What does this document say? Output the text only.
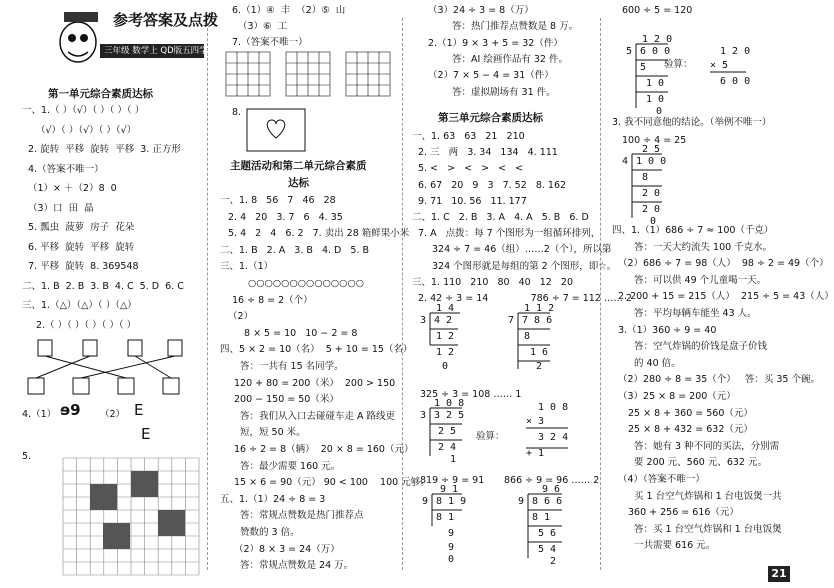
参考答案及点拨
三年级 数学上 QD版五四学制
第一单元综合素质达标
一、1.（ ）（√）（ ）（ ）（ ）
（√）（ ）（√）（ ）（√）
2. 旋转  平移  旋转  平移  3. 正方形
4.（答案不唯一）
（1）× ＋（2）8  0
（3）口  田  晶
5. 瓢虫  菠萝  房子  花朵
6. 平移  旋转  平移  旋转
7. 平移  旋转  8. 369548
二、1. B  2. B  3. B  4. C  5. D  6. C
三、1.（△）（△）（ ）（△）
2.（ ）（ ）（ ）（ ）（ ）
4.（1） ɘ9 （2） E
E
5.
6.（1）④  丰  （2）⑤  山
（3）⑥  工
7.（答案不唯一）
8.
主题活动和第二单元综合素质
达标
一、1. 8   56   7   46   28
2. 4   20   3. 7   6   4. 35
5. 4   2   4   6. 2   7. 卖出 28 箱鲜果小米
二、1. B   2. A   3. B   4. D   5. B
三、1.（1）
○○○○○○○○○○○○○○
16 ÷ 8 = 2（个）
（2）
8 × 5 = 10   10 − 2 = 8
四、5 × 2 = 10（名）  5 + 10 = 15（名）
答：一共有 15 名同学。
120 + 80 = 200（米）  200 > 150
200 − 150 = 50（米）
答：我们从入口去碰碰车走 A 路线更
短，短 50 米。
16 ÷ 2 = 8（辆）  20 × 8 = 160（元）
答：最少需要 160 元。
15 × 6 = 90（元） 90 < 100    100 元够。
五、1.（1）24 ÷ 8 = 3
答：常规点赞数是热门推荐点
赞数的 3 倍。
（2）8 × 3 = 24（万）
答：常规点赞数是 24 万。
（3）24 ÷ 3 = 8（万）
答：热门推荐点赞数是 8 万。
2.（1）9 × 3 + 5 = 32（件）
答：AI 绘画作品有 32 件。
（2）7 × 5 − 4 = 31（件）
答：虚拟剧场有 31 件。
第三单元综合素质达标
一、1. 63   63   21   210
2. 三   两   3. 34   134   4. 111
5. <   >   <   >   <   <
6. 67   20   9   3   7. 52   8. 162
9. 71   10. 56   11. 177
二、1. C   2. B   3. A   4. A   5. B   6. D
7. A   点拨：每 7 个图形为一组循环排列，
324 ÷ 7 = 46（组）……2（个），所以第
324 个图形就是每组的第 2 个图形，即☆。
三、1. 110   210   80   40   12   20
2. 42 ÷ 3 = 14              786 ÷ 7 = 112 …… 2
1 4
3 4 2
1 2
1 2
0
1 1 2
7 7 8 6
8
1 6
2
325 ÷ 3 = 108 …… 1
1 0 8
3 3 2 5
2 5
2 4
1
1 0 8
× 3
3 2 4
+ 1
验算：
819 ÷ 9 = 91 866 ÷ 9 = 96 …… 2
9 1
9 8 1 9
8 1
9
9
0
9 6
9 8 6 6
8 1
5 6
5 4
2
600 ÷ 5 = 120
1 2 0
5 6 0 0
5
1 0
1 0
0
1 2 0
× 5
6 0 0
验算：
3. 我不同意他的结论。（举例不唯一）
100 ÷ 4 = 25
2 5
4 1 0 0
8
2 0
2 0
0
四、1.（1）686 ÷ 7 ≈ 100（千克）
答：一天大约流失 100 千克水。
（2）686 ÷ 7 = 98（人）  98 ÷ 2 = 49（个）
答：可以供 49 个儿童喝一天。
2. 200 + 15 = 215（人）  215 ÷ 5 = 43（人）
答：平均每辆车能坐 43 人。
3.（1）360 ÷ 9 = 40
答：空气炸锅的价钱是盘子价钱
的 40 倍。
（2）280 ÷ 8 = 35（个）   答：买 35 个碗。
（3）25 × 8 = 200（元）
25 × 8 + 360 = 560（元）
25 × 8 + 432 = 632（元）
答：她有 3 种不同的买法，分别需
要 200 元、560 元、632 元。
（4）（答案不唯一）
买 1 台空气炸锅和 1 台电饭煲一共
360 + 256 = 616（元）
答：买 1 台空气炸锅和 1 台电饭煲
一共需要 616 元。
21
